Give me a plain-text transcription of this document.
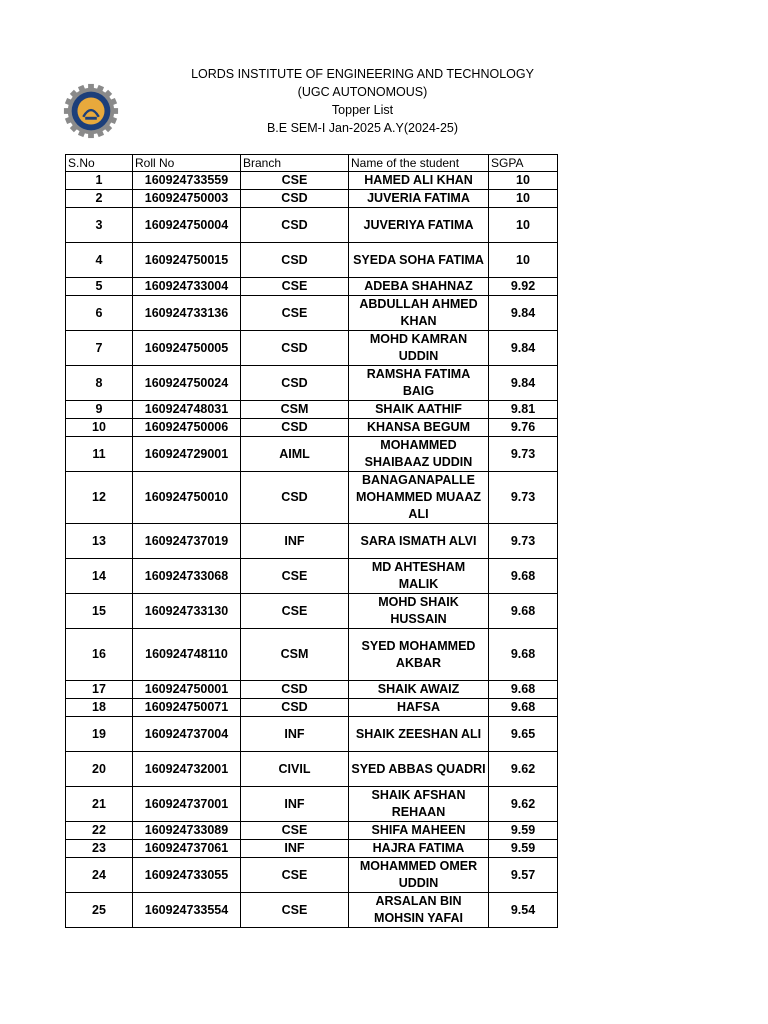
LORDS INSTITUTE OF ENGINEERING AND TECHNOLOGY
(UGC AUTONOMOUS)
Topper List
B.E SEM-I Jan-2025 A.Y(2024-25)
S.No	Roll No	Branch	Name of the student	SGPA
1	160924733559	CSE	HAMED ALI KHAN	10
2	160924750003	CSD	JUVERIA FATIMA	10
3	160924750004	CSD	JUVERIYA FATIMA	10
4	160924750015	CSD	SYEDA SOHA FATIMA	10
5	160924733004	CSE	ADEBA SHAHNAZ	9.92
6	160924733136	CSE	ABDULLAH AHMED KHAN	9.84
7	160924750005	CSD	MOHD KAMRAN UDDIN	9.84
8	160924750024	CSD	RAMSHA FATIMA BAIG	9.84
9	160924748031	CSM	SHAIK AATHIF	9.81
10	160924750006	CSD	KHANSA BEGUM	9.76
11	160924729001	AIML	MOHAMMED SHAIBAAZ UDDIN	9.73
12	160924750010	CSD	BANAGANAPALLE MOHAMMED MUAAZ ALI	9.73
13	160924737019	INF	SARA ISMATH ALVI	9.73
14	160924733068	CSE	MD AHTESHAM MALIK	9.68
15	160924733130	CSE	MOHD SHAIK HUSSAIN	9.68
16	160924748110	CSM	SYED MOHAMMED AKBAR	9.68
17	160924750001	CSD	SHAIK AWAIZ	9.68
18	160924750071	CSD	HAFSA	9.68
19	160924737004	INF	SHAIK ZEESHAN ALI	9.65
20	160924732001	CIVIL	SYED ABBAS QUADRI	9.62
21	160924737001	INF	SHAIK AFSHAN REHAAN	9.62
22	160924733089	CSE	SHIFA MAHEEN	9.59
23	160924737061	INF	HAJRA FATIMA	9.59
24	160924733055	CSE	MOHAMMED OMER UDDIN	9.57
25	160924733554	CSE	ARSALAN BIN MOHSIN YAFAI	9.54
